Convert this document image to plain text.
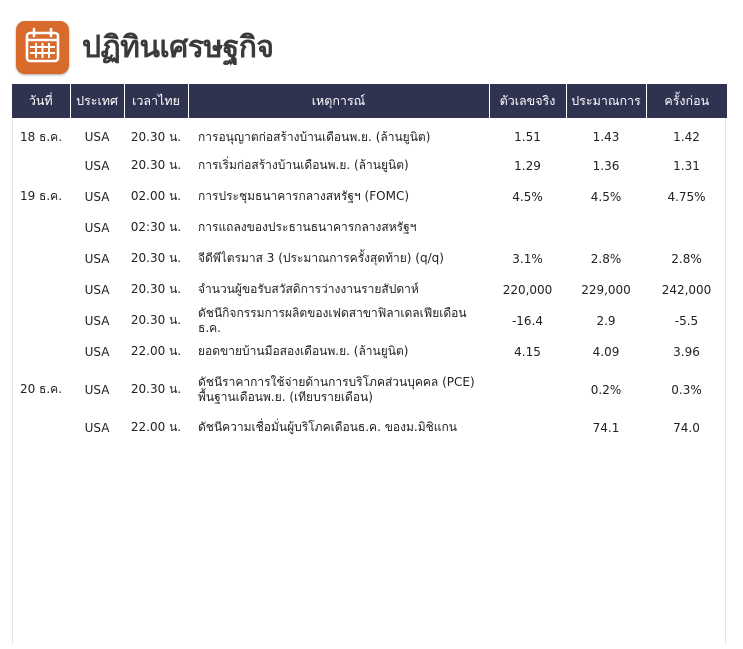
ปฏิทินเศรษฐกิจ
วันที่	ประเทศ	เวลาไทย	เหตุการณ์	ตัวเลขจริง	ประมาณการ	ครั้งก่อน
18 ธ.ค.	USA	20.30 น.	การอนุญาตก่อสร้างบ้านเดือนพ.ย. (ล้านยูนิต)	1.51	1.43	1.42
	USA	20.30 น.	การเริ่มก่อสร้างบ้านเดือนพ.ย. (ล้านยูนิต)	1.29	1.36	1.31
19 ธ.ค.	USA	02.00 น.	การประชุมธนาคารกลางสหรัฐฯ (FOMC)	4.5%	4.5%	4.75%
	USA	02:30 น.	การแถลงของประธานธนาคารกลางสหรัฐฯ			
	USA	20.30 น.	จีดีพีไตรมาส 3 (ประมาณการครั้งสุดท้าย) (q/q)	3.1%	2.8%	2.8%
	USA	20.30 น.	จำนวนผู้ขอรับสวัสดิการว่างงานรายสัปดาห์	220,000	229,000	242,000
	USA	20.30 น.	ดัชนีกิจกรรมการผลิตของเฟดสาขาฟิลาเดลเฟียเดือนธ.ค.	-16.4	2.9	-5.5
	USA	22.00 น.	ยอดขายบ้านมือสองเดือนพ.ย. (ล้านยูนิต)	4.15	4.09	3.96
20 ธ.ค.	USA	20.30 น.	ดัชนีราคาการใช้จ่ายด้านการบริโภคส่วนบุคคล (PCE) พื้นฐานเดือนพ.ย. (เทียบรายเดือน)		0.2%	0.3%
	USA	22.00 น.	ดัชนีความเชื่อมั่นผู้บริโภคเดือนธ.ค. ของม.มิชิแกน		74.1	74.0
